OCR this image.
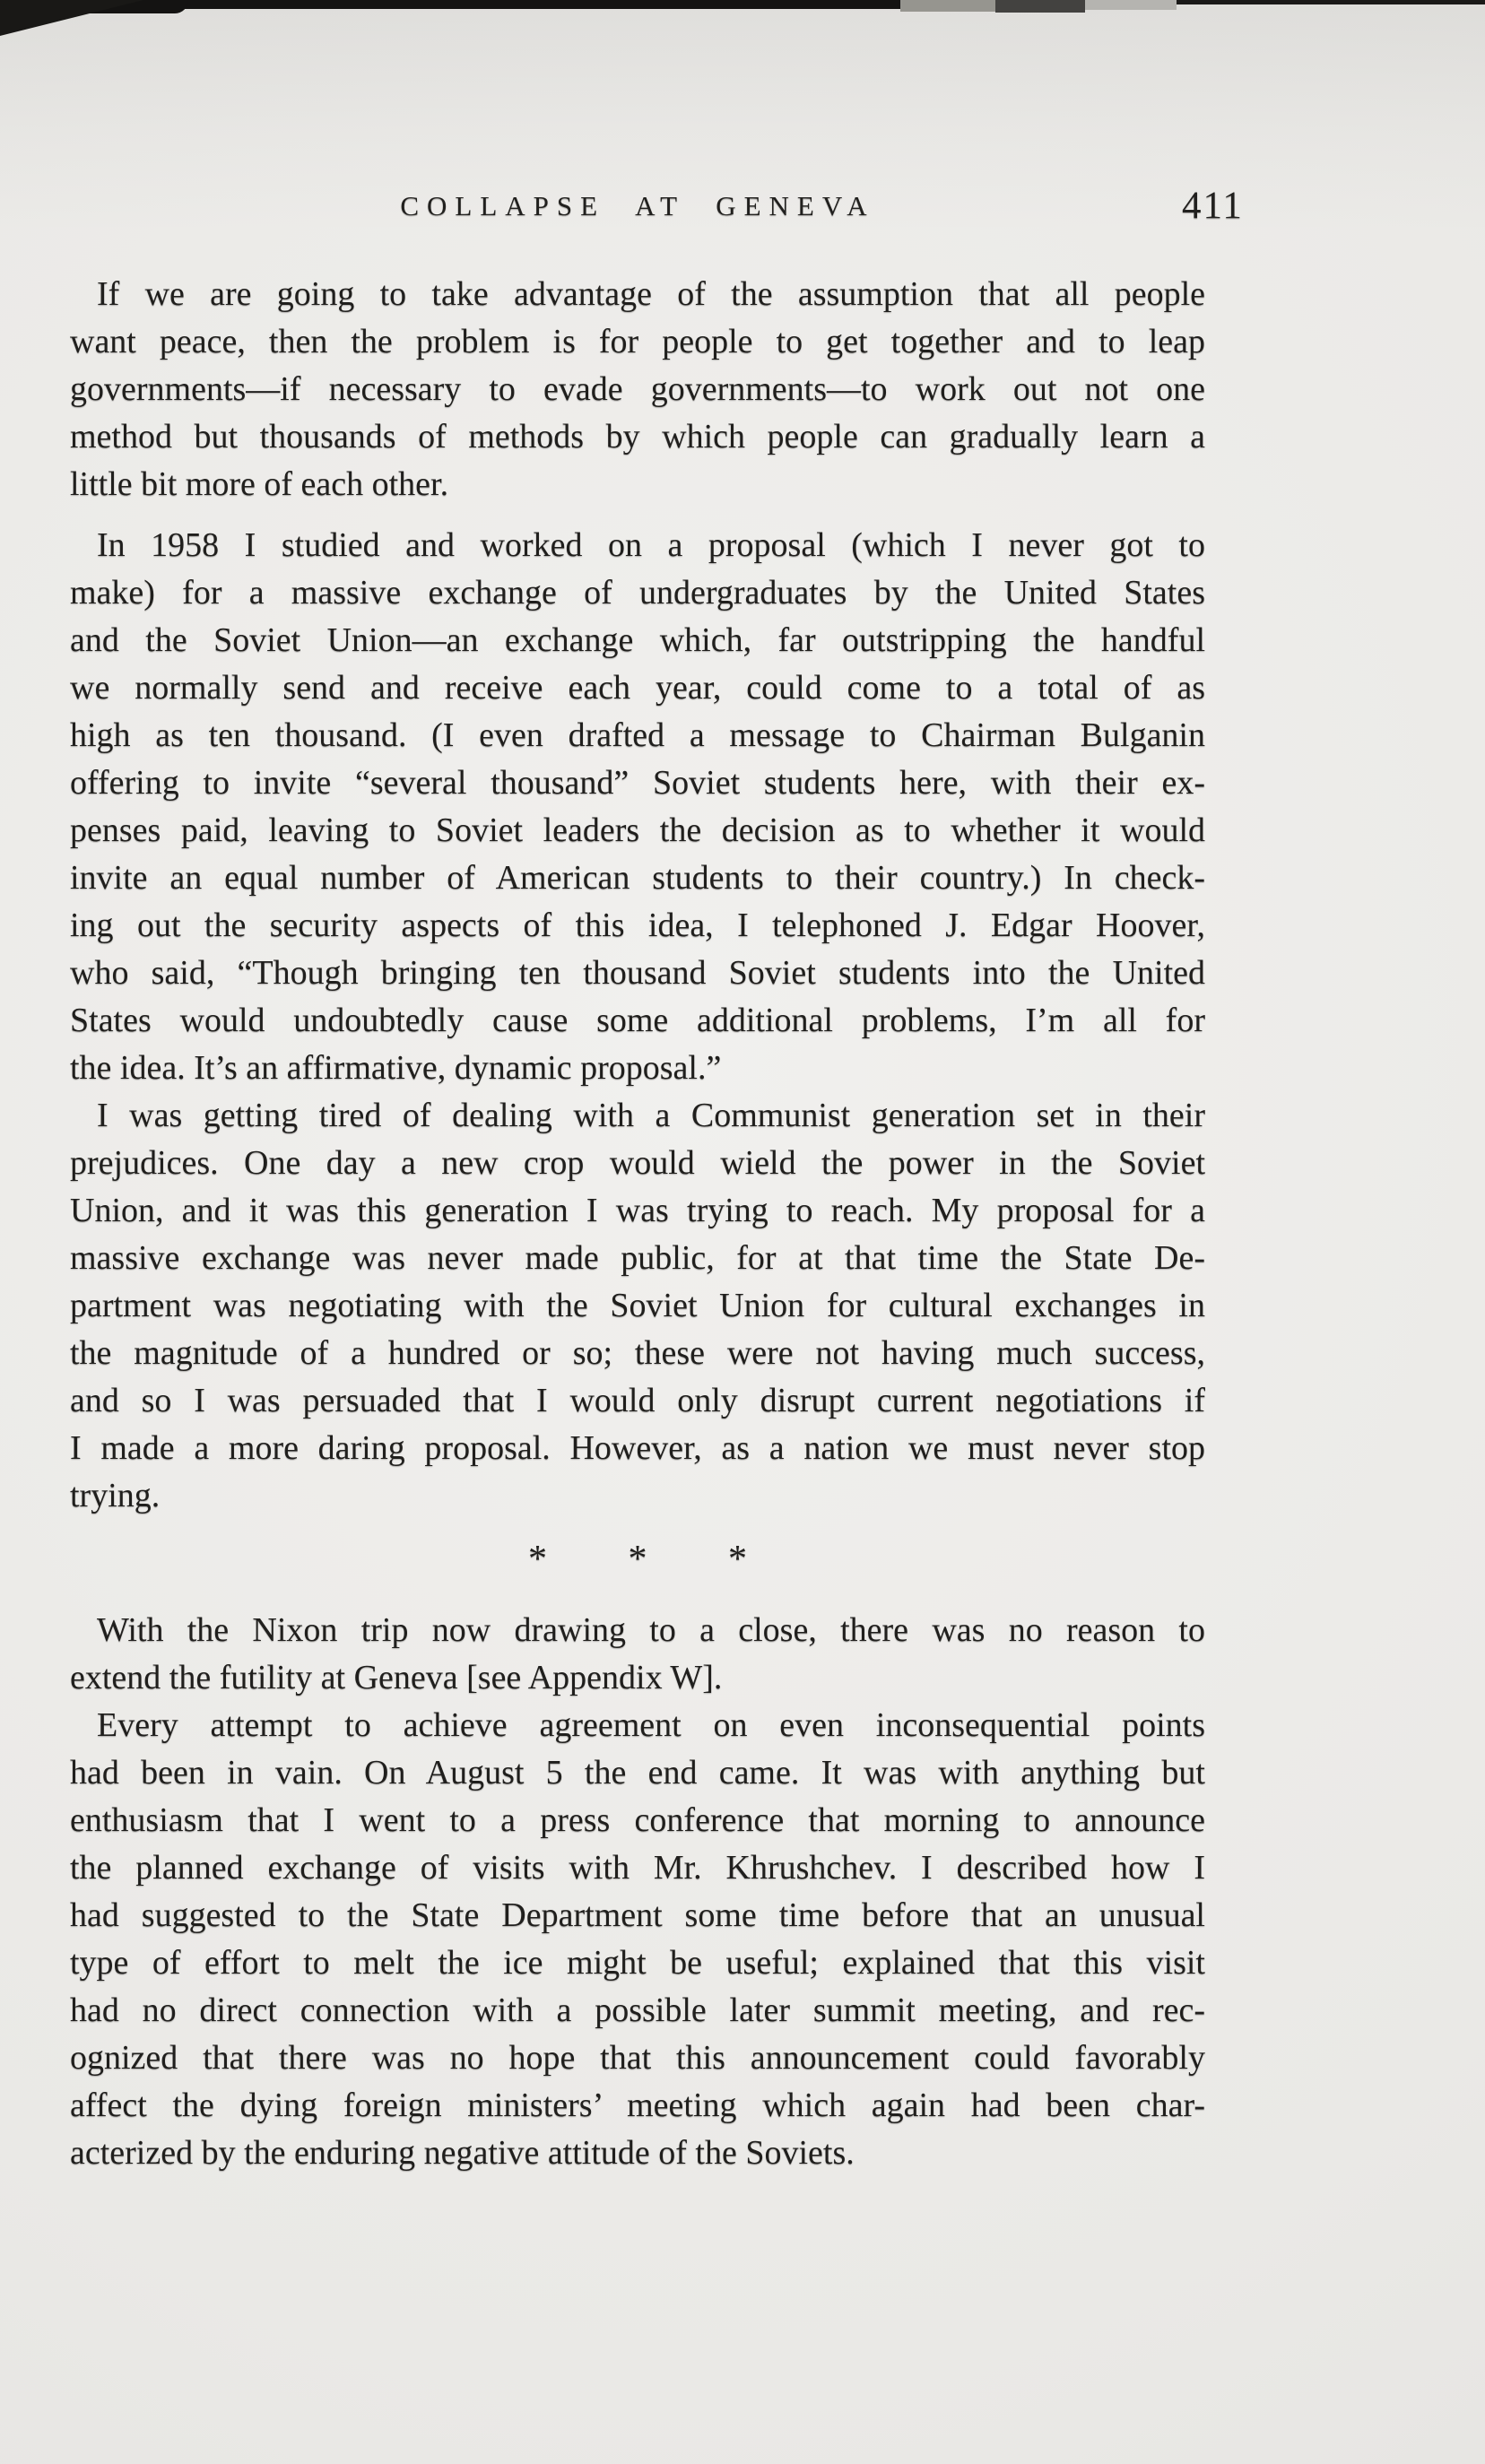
COLLAPSE AT GENEVA	411
If we are going to take advantage of the assumption that all people
want peace, then the problem is for people to get together and to leap
governments—if necessary to evade governments—to work out not one
method but thousands of methods by which people can gradually learn a
little bit more of each other.
In 1958 I studied and worked on a proposal (which I never got to
make) for a massive exchange of undergraduates by the United States
and the Soviet Union—an exchange which, far outstripping the handful
we normally send and receive each year, could come to a total of as
high as ten thousand. (I even drafted a message to Chairman Bulganin
offering to invite “several thousand” Soviet students here, with their ex-
penses paid, leaving to Soviet leaders the decision as to whether it would
invite an equal number of American students to their country.) In check-
ing out the security aspects of this idea, I telephoned J. Edgar Hoover,
who said, “Though bringing ten thousand Soviet students into the United
States would undoubtedly cause some additional problems, I’m all for
the idea. It’s an affirmative, dynamic proposal.”
I was getting tired of dealing with a Communist generation set in their
prejudices. One day a new crop would wield the power in the Soviet
Union, and it was this generation I was trying to reach. My proposal for a
massive exchange was never made public, for at that time the State De-
partment was negotiating with the Soviet Union for cultural exchanges in
the magnitude of a hundred or so; these were not having much success,
and so I was persuaded that I would only disrupt current negotiations if
I made a more daring proposal. However, as a nation we must never stop
trying.
* * *
With the Nixon trip now drawing to a close, there was no reason to
extend the futility at Geneva [see Appendix W].
Every attempt to achieve agreement on even inconsequential points
had been in vain. On August 5 the end came. It was with anything but
enthusiasm that I went to a press conference that morning to announce
the planned exchange of visits with Mr. Khrushchev. I described how I
had suggested to the State Department some time before that an unusual
type of effort to melt the ice might be useful; explained that this visit
had no direct connection with a possible later summit meeting, and rec-
ognized that there was no hope that this announcement could favorably
affect the dying foreign ministers’ meeting which again had been char-
acterized by the enduring negative attitude of the Soviets.
